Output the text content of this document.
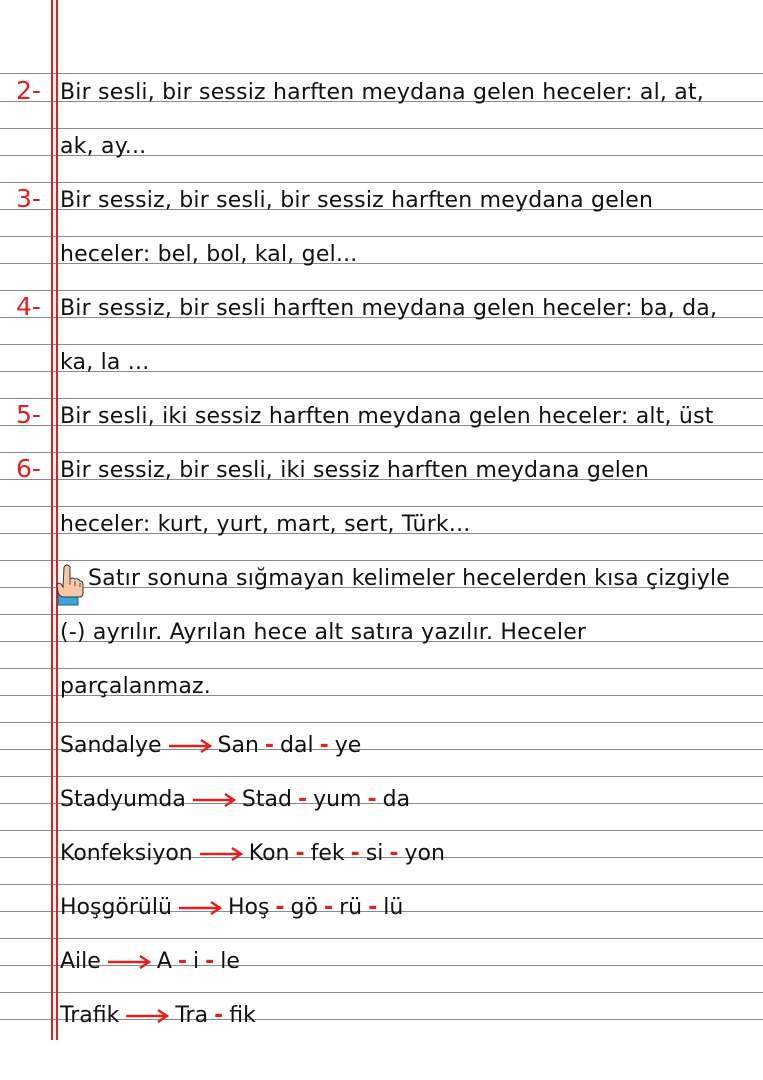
2- Bir sesli, bir sessiz harften meydana gelen heceler: al, at,
ak, ay...
3- Bir sessiz, bir sesli, bir sessiz harften meydana gelen
heceler: bel, bol, kal, gel...
4- Bir sessiz, bir sesli harften meydana gelen heceler: ba, da,
ka, la ...
5- Bir sesli, iki sessiz harften meydana gelen heceler: alt, üst
6- Bir sessiz, bir sesli, iki sessiz harften meydana gelen
heceler: kurt, yurt, mart, sert, Türk...
Satır sonuna sığmayan kelimeler hecelerden kısa çizgiyle
(-) ayrılır. Ayrılan hece alt satıra yazılır. Heceler
parçalanmaz.
Sandalye	San - dal - ye
Stadyumda	Stad - yum - da
Konfeksiyon	Kon - fek - si - yon
Hoşgörülü	Hoş - gö - rü - lü
Aile	A - i - le
Trafik	Tra - fik
